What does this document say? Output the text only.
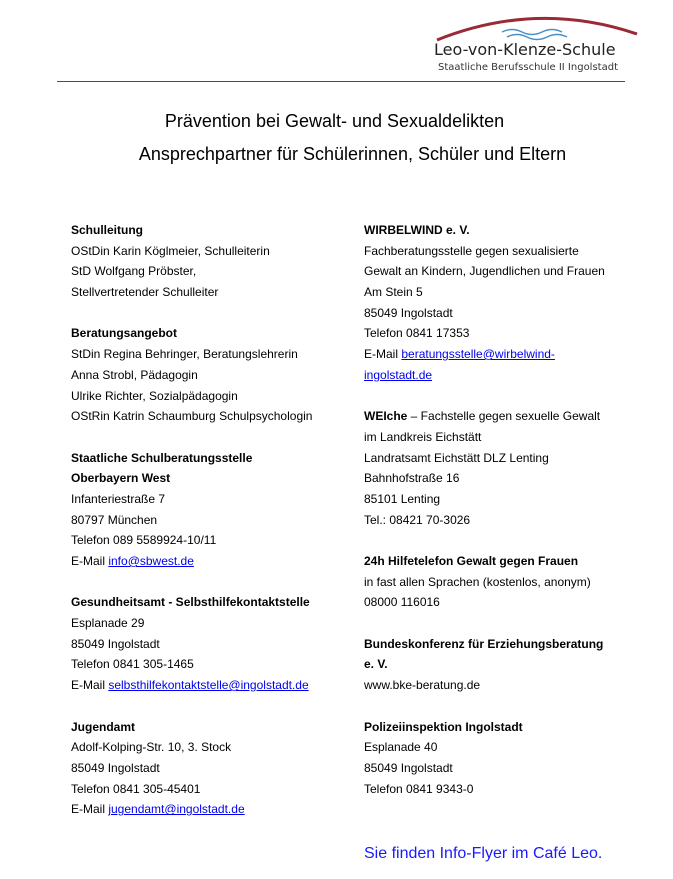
Leo-von-Klenze-Schule
Staatliche Berufsschule II Ingolstadt
Prävention bei Gewalt- und Sexualdelikten
Ansprechpartner für Schülerinnen, Schüler und Eltern
Schulleitung
OStDin Karin Köglmeier, Schulleiterin
StD Wolfgang Pröbster,
Stellvertretender Schulleiter
Beratungsangebot
StDin Regina Behringer, Beratungslehrerin
Anna Strobl, Pädagogin
Ulrike Richter, Sozialpädagogin
OStRin Katrin Schaumburg Schulpsychologin
Staatliche Schulberatungsstelle
Oberbayern West
Infanteriestraße 7
80797 München
Telefon 089 5589924-10/11
E-Mail info@sbwest.de
Gesundheitsamt - Selbsthilfekontaktstelle
Esplanade 29
85049 Ingolstadt
Telefon 0841 305-1465
E-Mail selbsthilfekontaktstelle@ingolstadt.de
Jugendamt
Adolf-Kolping-Str. 10, 3. Stock
85049 Ingolstadt
Telefon 0841 305-45401
E-Mail jugendamt@ingolstadt.de
WIRBELWIND e. V.
Fachberatungsstelle gegen sexualisierte
Gewalt an Kindern, Jugendlichen und Frauen
Am Stein 5
85049 Ingolstadt
Telefon 0841 17353
E-Mail beratungsstelle@wirbelwind-
ingolstadt.de
WEIche – Fachstelle gegen sexuelle Gewalt
im Landkreis Eichstätt
Landratsamt Eichstätt DLZ Lenting
Bahnhofstraße 16
85101 Lenting
Tel.: 08421 70-3026
24h Hilfetelefon Gewalt gegen Frauen
in fast allen Sprachen (kostenlos, anonym)
08000 116016
Bundeskonferenz für Erziehungsberatung
e. V.
www.bke-beratung.de
Polizeiinspektion Ingolstadt
Esplanade 40
85049 Ingolstadt
Telefon 0841 9343-0
Sie finden Info-Flyer im Café Leo.
